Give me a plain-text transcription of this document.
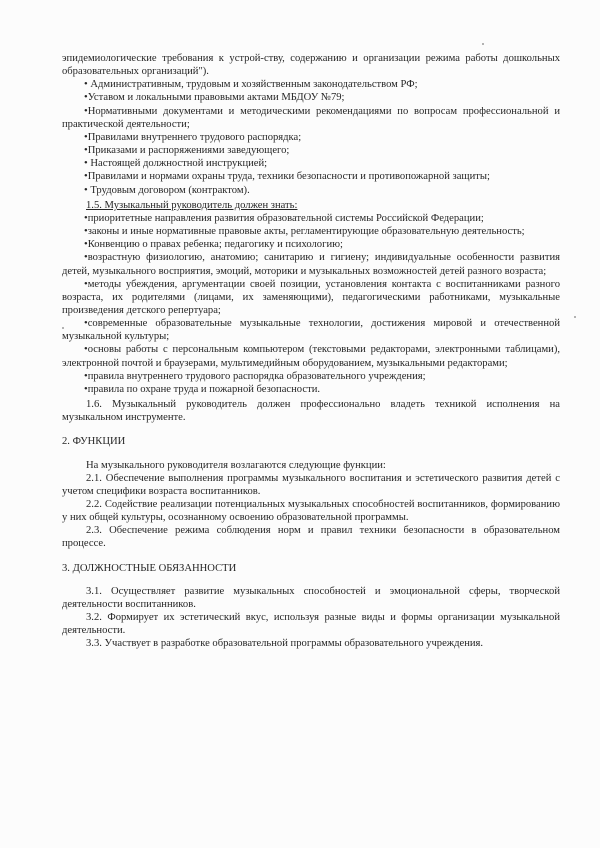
эпидемиологические требования к устрой-ству, содержанию и организации режима работы дошкольных образовательных организаций").

• Административным, трудовым и хозяйственным законодательством РФ;

•Уставом и локальными правовыми актами МБДОУ №79;

•Нормативными документами и методическими рекомендациями по вопросам профессиональной и практической деятельности;

•Правилами внутреннего трудового распорядка;

•Приказами и распоряжениями заведующего;

• Настоящей должностной инструкцией;

•Правилами и нормами охраны труда, техники безопасности и противопожарной защиты;

• Трудовым договором (контрактом).

1.5. Музыкальный руководитель должен знать:

•приоритетные направления развития образовательной системы Российской Федерации;

•законы и иные нормативные правовые акты, регламентирующие образовательную деятельность;

•Конвенцию о правах ребенка; педагогику и психологию;

•возрастную физиологию, анатомию; санитарию и гигиену; индивидуальные особенности развития детей, музыкального восприятия, эмоций, моторики и музыкальных возможностей детей разного возраста;

•методы убеждения, аргументации своей позиции, установления контакта с воспитанниками разного возраста, их родителями (лицами, их заменяющими), педагогическими работниками, музыкальные произведения детского репертуара;

•современные образовательные музыкальные технологии, достижения мировой и отечественной музыкальной культуры;

•основы работы с персональным компьютером (текстовыми редакторами, электронными таблицами), электронной почтой и браузерами, мультимедийным оборудованием, музыкальными редакторами;

•правила внутреннего трудового распорядка образовательного учреждения;

•правила по охране труда и пожарной безопасности.

1.6. Музыкальный руководитель должен профессионально владеть техникой исполнения на музыкальном инструменте.

2. ФУНКЦИИ

На музыкального руководителя возлагаются следующие функции:

2.1. Обеспечение выполнения программы музыкального воспитания и эстетического развития детей с учетом специфики возраста воспитанников.

2.2. Содействие реализации потенциальных музыкальных способностей воспитанников, формированию у них общей культуры, осознанному освоению образовательной программы.

2.3. Обеспечение режима соблюдения норм и правил техники безопасности в образовательном процессе.

3. ДОЛЖНОСТНЫЕ ОБЯЗАННОСТИ

3.1. Осуществляет развитие музыкальных способностей и эмоциональной сферы, творческой деятельности воспитанников.

3.2. Формирует их эстетический вкус, используя разные виды и формы организации музыкальной деятельности.

3.3. Участвует в разработке образовательной программы образовательного учреждения.
